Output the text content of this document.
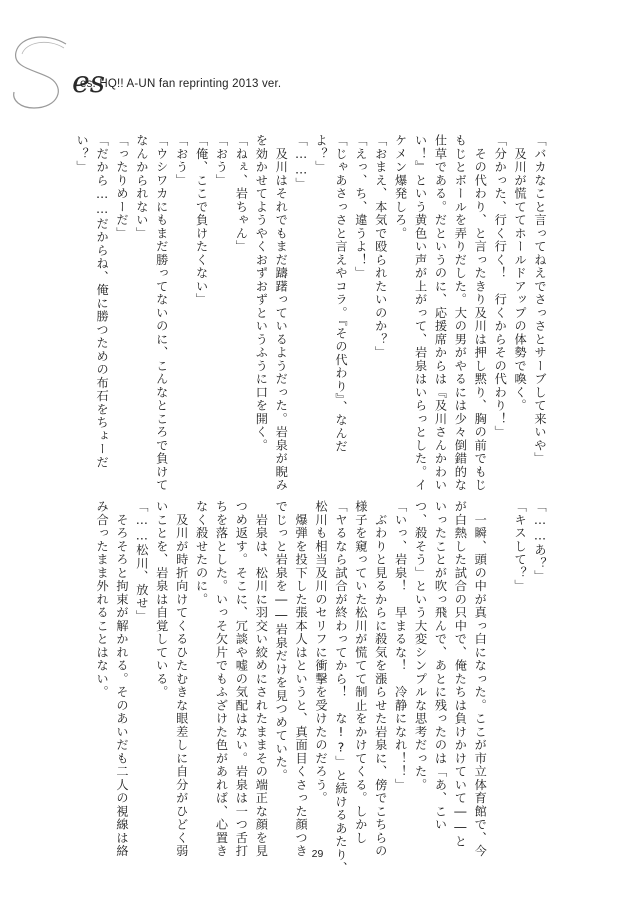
es
es: HQ!! A-UN fan reprinting 2013 ver.
「バカなこと言ってねえでさっさとサーブして来いや」
　及川が慌ててホールドアップの体勢で喚く。
「分かった、行く行く！　行くからその代わり！」
　その代わり、と言ったきり及川は押し黙り、胸の前でもじ
もじとボールを弄りだした。大の男がやるには少々倒錯的な
仕草である。だというのに、応援席からは『及川さんかわい
い！』という黄色い声が上がって、岩泉はいらっとした。イ
ケメン爆発しろ。
「おまえ、本気で殴られたいのか？」
「えっ、ち、違うよ！」
「じゃあさっさと言えやコラ。『その代わり』、なんだ
よ？」
「……」
　及川はそれでもまだ躊躇っているようだった。岩泉が睨み
を効かせてようやくおずおずというふうに口を開く。
「ねぇ、岩ちゃん」
「おう」
「俺、ここで負けたくない」
「おう」
「ウシワカにもまだ勝ってないのに、こんなところで負けて
なんかられない」
「ったりめーだ」
「だから……だからね、俺に勝つための布石をちょーだ
い？」
「……あ？」
「キスして？」

　一瞬、頭の中が真っ白になった。ここが市立体育館で、今
が白熱した試合の只中で、俺たちは負けかけていて――と
いったことが吹っ飛んで、あとに残ったのは「あ、こい
つ、殺そう」という大変シンプルな思考だった。
「いっ、岩泉！　早まるな！　冷静になれ！！」
　ぶわりと見るからに殺気を漲らせた岩泉に、傍でこちらの
様子を窺っていた松川が慌てて制止をかけてくる。しかし
「ヤるなら試合が終わってから！　な!?」と続けるあたり、
松川も相当及川のセリフに衝撃を受けたのだろう。
　爆弾を投下した張本人はというと、真面目くさった顔つき
でじっと岩泉を――岩泉だけを見つめていた。
　岩泉は、松川に羽交い絞めにされたままその端正な顔を見
つめ返す。そこに、冗談や嘘の気配はない。岩泉は一つ舌打
ちを落とした。いっそ欠片でもふざけた色があれば、心置き
なく殺せたのに。
　及川が時折向けてくるひたむきな眼差しに自分がひどく弱
いことを、岩泉は自覚している。
「……松川、放せ」
　そろそろと拘束が解かれる。そのあいだも二人の視線は絡
み合ったまま外れることはない。
29
